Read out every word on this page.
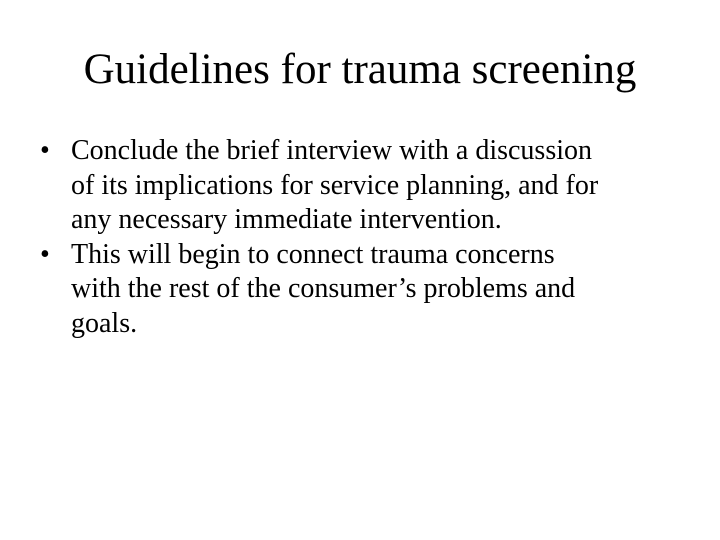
Guidelines for trauma screening
• Conclude the brief interview with a discussion
of its implications for service planning, and for
any necessary immediate intervention.
• This will begin to connect trauma concerns
with the rest of the consumer’s problems and
goals.
